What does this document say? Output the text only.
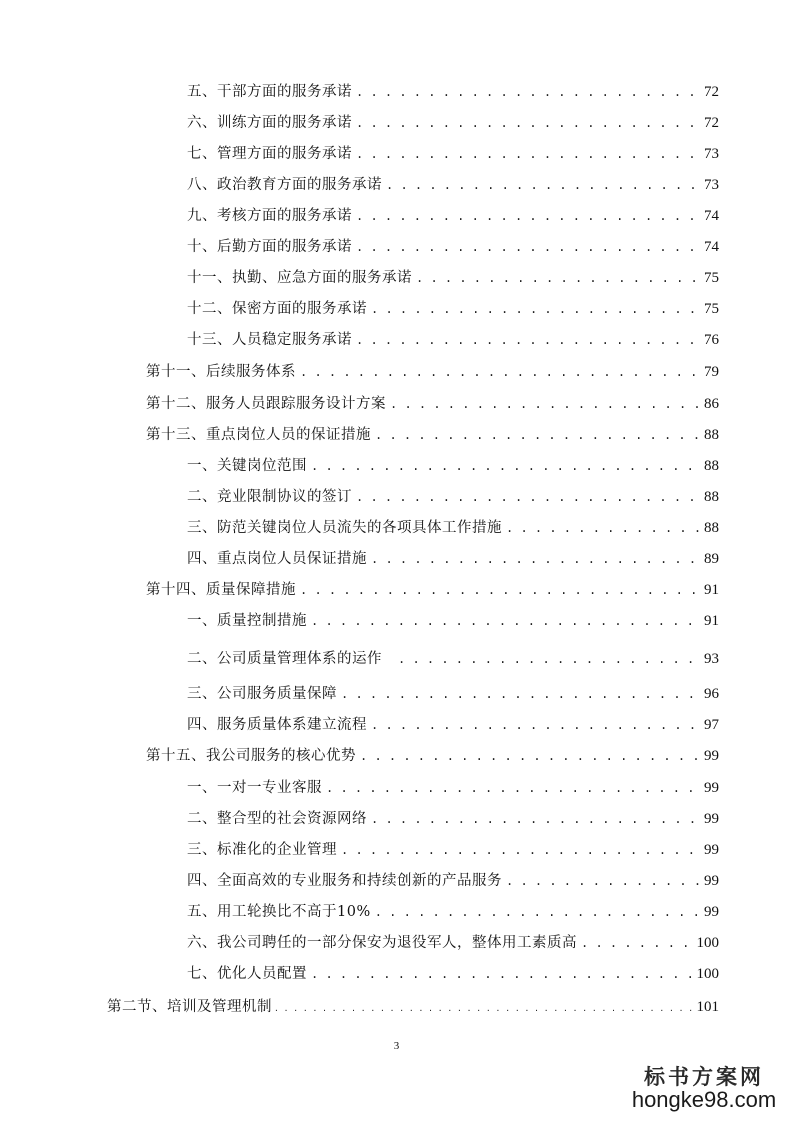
五、干部方面的服务承诺 . . .	72
六、训练方面的服务承诺 . . .	72
七、管理方面的服务承诺 . . .	73
八、政治教育方面的服务承诺 . . .	73
九、考核方面的服务承诺 . . .	74
十、后勤方面的服务承诺 . . .	74
十一、执勤、应急方面的服务承诺 . . .	75
十二、保密方面的服务承诺 . . .	75
十三、人员稳定服务承诺 . . .	76
第十一、后续服务体系 . . .	79
第十二、服务人员跟踪服务设计方案 . . .	86
第十三、重点岗位人员的保证措施 . . .	88
一、关键岗位范围 . . .	88
二、竞业限制协议的签订 . . .	88
三、防范关键岗位人员流失的各项具体工作措施 . . .	88
四、重点岗位人员保证措施 . . .	89
第十四、质量保障措施 . . .	91
一、质量控制措施 . . .	91
二、公司质量管理体系的运作 . . .	93
三、公司服务质量保障 . . .	96
四、服务质量体系建立流程 . . .	97
第十五、我公司服务的核心优势 . . .	99
一、一对一专业客服 . . .	99
二、整合型的社会资源网络 . . .	99
三、标准化的企业管理 . . .	99
四、全面高效的专业服务和持续创新的产品服务 . . .	99
五、用工轮换比不高于10% . . .	99
六、我公司聘任的一部分保安为退役军人，整体用工素质高 . . .	100
七、优化人员配置 . . .	100
第二节、培训及管理机制 . . .	101
3
标书方案网
hongke98.com
